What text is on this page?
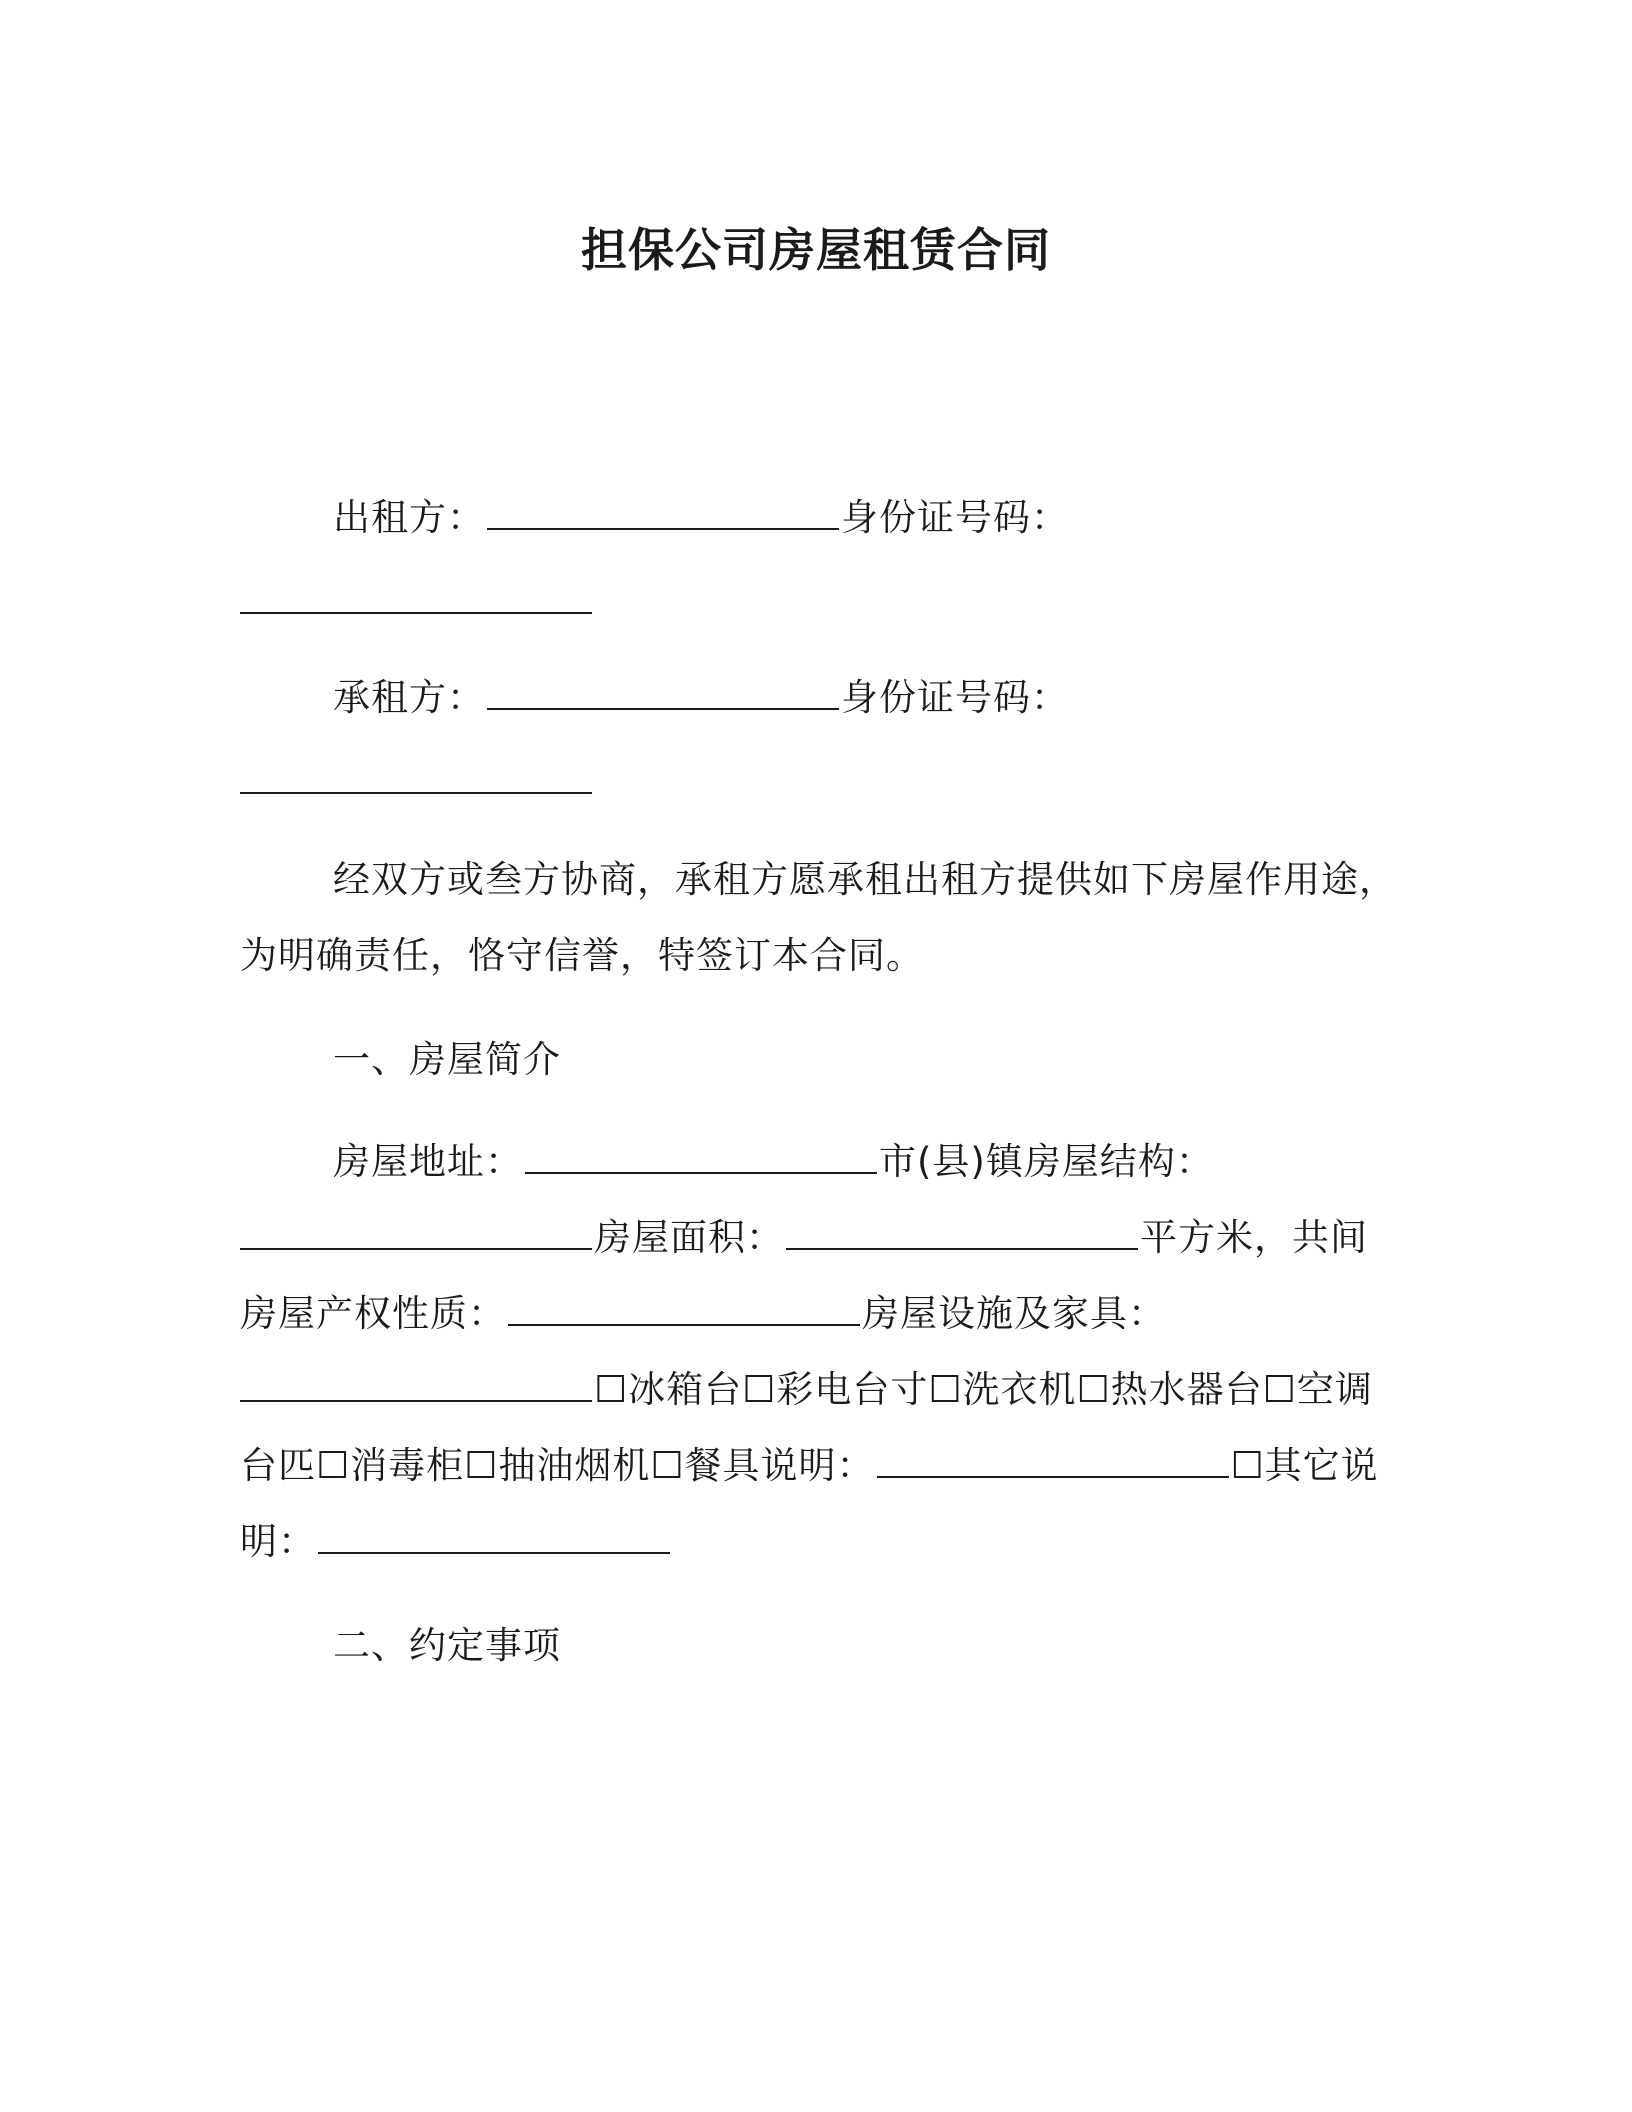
担保公司房屋租赁合同
出租方：	身份证号码：
承租方：	身份证号码：
经双方或叁方协商，承租方愿承租出租方提供如下房屋作用途，
为明确责任，恪守信誉，特签订本合同。
一、房屋简介
房屋地址：	市(县)镇房屋结构：
房屋面积：	平方米，共间
房屋产权性质：	房屋设施及家具：
☐冰箱台☐彩电台寸☐洗衣机☐热水器台☐空调
台匹☐消毒柜☐抽油烟机☐餐具说明：	☐其它说
明：
二、约定事项
